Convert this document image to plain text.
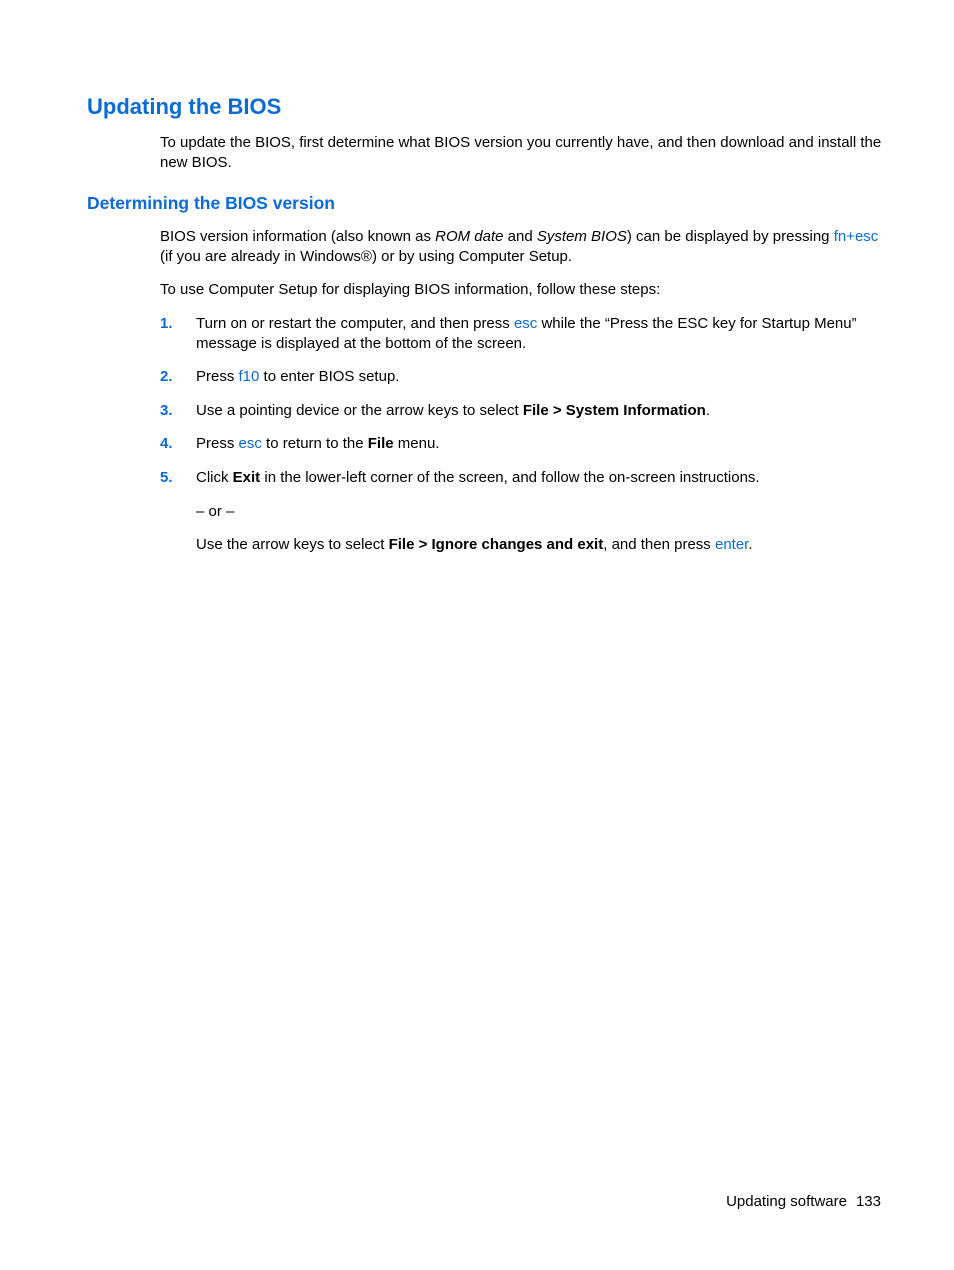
Updating the BIOS

To update the BIOS, first determine what BIOS version you currently have, and then download and install the new BIOS.

Determining the BIOS version

BIOS version information (also known as ROM date and System BIOS) can be displayed by pressing fn+esc (if you are already in Windows®) or by using Computer Setup.

To use Computer Setup for displaying BIOS information, follow these steps:

1. Turn on or restart the computer, and then press esc while the “Press the ESC key for Startup Menu” message is displayed at the bottom of the screen.

2. Press f10 to enter BIOS setup.

3. Use a pointing device or the arrow keys to select File > System Information.

4. Press esc to return to the File menu.

5. Click Exit in the lower-left corner of the screen, and follow the on-screen instructions.

– or –

Use the arrow keys to select File > Ignore changes and exit, and then press enter.

Updating software 133
